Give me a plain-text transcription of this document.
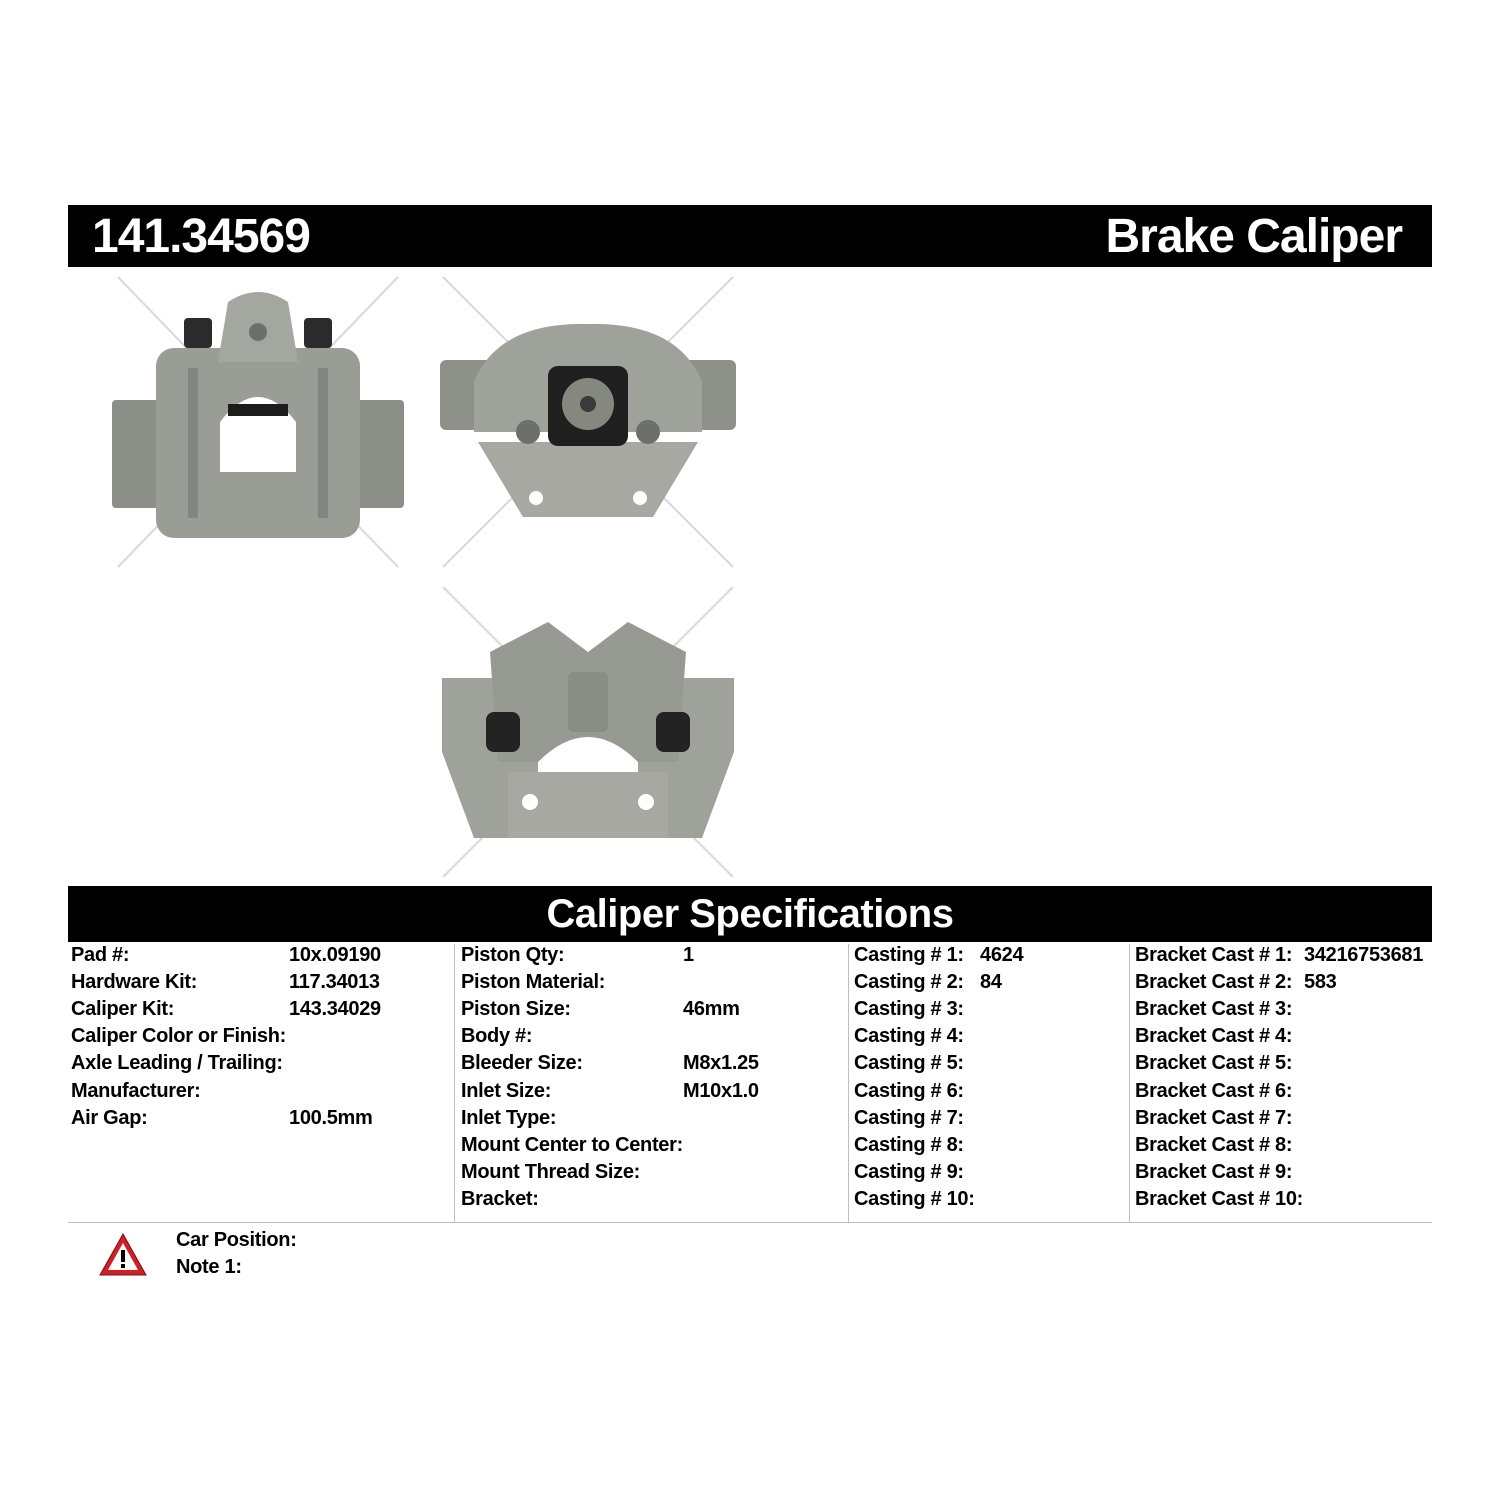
141.34569	Brake Caliper
Caliper Specifications
Pad #:	10x.09190
Hardware Kit:	117.34013
Caliper Kit:	143.34029
Caliper Color or Finish:
Axle Leading / Trailing:
Manufacturer:
Air Gap:	100.5mm
Piston Qty:	1
Piston Material:
Piston Size:	46mm
Body #:
Bleeder Size:	M8x1.25
Inlet Size:	M10x1.0
Inlet Type:
Mount Center to Center:
Mount Thread Size:
Bracket:
Casting # 1: 4624
Casting # 2: 84
Casting # 3:
Casting # 4:
Casting # 5:
Casting # 6:
Casting # 7:
Casting # 8:
Casting # 9:
Casting # 10:
Bracket Cast # 1: 34216753681
Bracket Cast # 2: 583
Bracket Cast # 3:
Bracket Cast # 4:
Bracket Cast # 5:
Bracket Cast # 6:
Bracket Cast # 7:
Bracket Cast # 8:
Bracket Cast # 9:
Bracket Cast # 10:
Car Position:
Note 1:
